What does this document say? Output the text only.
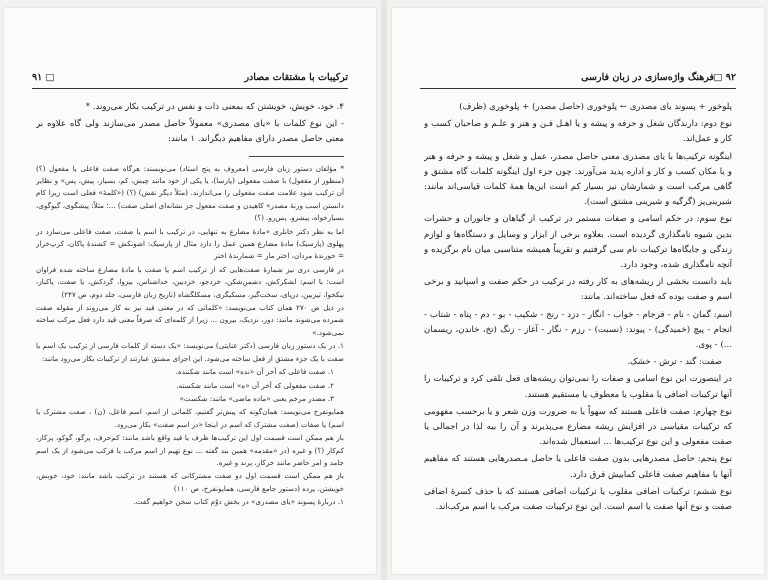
ترکیبات با مشتقات مصادر
□ ۹۱

۴. خود، خویش، خویشتن که بمعنی ذات و نفس در ترکیب بکار می‌روند. *

- این نوع کلمات با «یای مصدری» معمولاً حاصل مصدر می‌سازند ولی گاه علاوه بر معنی حاصل مصدر دارای مفاهیم دیگراند. ۱ مانند:

* مؤلفان دستور زبان فارسی (معروف به پنج استاد) می‌نویسند: هرگاه صفت فاعلی یا مفعول (؟) (منظور از مفعول) با صفت مفعولی (پارسا)، یا یکی از خود مانند چیش، کم، بسیار، پیش، پس» و نظایر آن ترکیب شود علامت صفت مفعولی را می‌اندازند. (مثلاً دیگر نقش) (؟) («کلمهٔ» فعلی است زیرا کام دانستن اسب ورنهٔ مصدر» کاهیدن و صفت مفعول جز نشانه‌ای اصلی صفت) ...؛ مثلاً: پیشگوی، گیوگوی، بسیارخواه، پیشرو، پس‌رو. (؟)

اما به نظر دکتر خانلری «مادهٔ مضارع به تنهایی، در ترکیب با اسم یا صفت، صفت فاعلی می‌سازد در پهلوی (پارسیک) مادهٔ مضارع همین عمل را دارد مثال از پارسیک: اشونکش = کشندهٔ پاکان، کرپ‌خرار = خورندهٔ مردان، اختر مار = شمارندهٔ اختر

در فارسی دری نیز شمارهٔ صفت‌هایی که از ترکیب اسم یا صفت با مادهٔ مضارع ساخته شده فراوان است؛ با اسم: لشکرکش، دشمن‌شکن، خردجو، خردبین، خداشناس، بیزوا، گردکش، یا صفت، پاکباز، نیکخوا، تیزبین، درپای، سخت‌گیر، مسکیگری، مسکلگشاه (تاریخ زبان فارسی، جلد دوم، ص ۲۴۷)

در ذیل ص ۲۷۰ همان کتاب می‌نویسد: «کلماتی که در معنی قید نیز به کار می‌روند از مقوله صفت شمرده می‌شوند مانند: دور، نزدیک، بیرون ... زیرا از کلمه‌ای که صرفاً معنی قید دارد فعل مرکب ساخته نمی‌شود.»

۱. در یک دستور زبان فارسی (دکتر عنایتی) می‌نویسد: «یک دسته از کلمات فارسی از ترکیب یک اسم یا صفت با یک جزء مشتق از فعل ساخته می‌شود. این اجزای مشتق عبارتند از ترکیبات بکار می‌رود مانند:

۱. صفت فاعلی که آخر آن «نده» است مانند شکننده.

۲. صفت مفعولی که آخر آن «ه» است مانند شکسته.

۳. مصدر مرخم یعنی «ماده ماضی» مانند: شکست»

همایونفرخ می‌نویسد: همان‌گونه که پیش‌تر گفتیم، کلماتی از اسم، اسم فاعل، (ن) ، صفت مشترک یا اسم) یا صفات (صفت مشترک که اسم در اینجا «در اسم صفت» بکار می‌رود.

بار هم ممکن است قسمت اول این ترکیب‌ها ظرف یا قید واقع باشد مانند: کم‌حرف، پرگو، گوکو، پرکار، کم‌کار (؟) و غیره (در «مقدمه» همین بند گفته ... نوع تهیم از اسم مرکب یا فرکب می‌شود از یک اسم جامد و امر حاضر مانند خرکار، پرند و غیره.

باز هم ممکن است قسمت اول دو صفت مشترکانی که هستند در ترکیب باشد مانند: خود، خویش، خویشتن، پرده (دستور جامع فارسی، همایونفرخ، ص ۱۱۰)

۱. دربارهٔ پسوند «یای مصدری» در بخش دوّم کتاب سخن خواهیم گفت.

۹۲ □
فرهنگ واژه‌سازی در زبان فارسی

پلوخور + پسوند یای مصدری ← پلوخوری (حاصل مصدر) + پلوخوری (ظرف)

نوع دوم: دارندگان شغل و حرفه و پیشه و یا اهـل فـن و هنر و علـم و صاحبان کسب و کار و عمل‌اند.

اینگونه ترکیب‌ها با یای مصدری معنی حاصل مصدر، عمل و شغل و پیشه و حرفه و هنر و یا مکان کسب و کار و اداره پدید می‌آورند. چون جزء اول اینگونه کلمات گاه مشتق و گاهی مرکب است و شمارشان نیز بسیار کم است این‌ها همهٔ کلمات قیاسی‌اند مانند: شیرینی‌پز (گرگیه و شیرینی مشتق است).

نوع سوم: در حکم اسامی و صفات مستمر در ترکیب از گیاهان و جانوران و حشرات بدین شیوه نامگذاری گردیده است. بعلاوه برخی از ابزار و وسایل و دستگاه‌ها و لوازم زندگی و جایگاه‌ها ترکیبات نام سی گرفتیم و تقریباً همیشه متناسبی میان نام برگزیده و آنچه نامگذاری شده، وجود دارد.

باید دانست بخشی از ریشه‌های به کار رفته در ترکیب در حکم صفت و اسپانید و برخی اسم و صفت بوده که فعل ساخته‌اند. مانند:

اسم: گمان - نام - فرجام - خواب - انگار - دزد - رنج - شکیب - بو - دم - پناه - شتاب - انجام - پیچ (خمیدگی) - پیوند: (نسبت) - رزم - نگار - آغاز - زنگ (تخ، خاندن، ریسمان ...) - پوی.

صفت: گند - ترش - خشک.

در اینصورت این نوع اسامی و صفات را نمی‌توان ریشه‌های فعل تلقی کرد و ترکیبات را آنها ترکیبات اضافی یا مقلوب یا معطوف یا مستقیم هستند.

نوع چهارم: صفت فاعلی هستند که سهواً یا به ضرورت وزن شعر و یا برحسب مفهومی که ترکیبات مقیاسی در افزایش ریشه مضارع می‌پذیرند و آن را بیه لذا در اجمالی یا صفت مفعولی و این نوع ترکیب‌ها ... استعمال شده‌اند.

نوع پنجم: حاصل مصدرهایی بدون صفت فاعلی یا حاصل مـصدرهایی هستند که مفاهیم آنها با مفاهیم صفت فاعلی کمابیش فرق دارد.

نوع ششم: ترکیبات اضافی مقلوب یا ترکیبات اضافی هستند که با حذف کسرهٔ اضافی صفت و نوع آنها صفت یا اسم است. این نوع ترکیبات صفت مرکب یا اسم مرکب‌اند.
